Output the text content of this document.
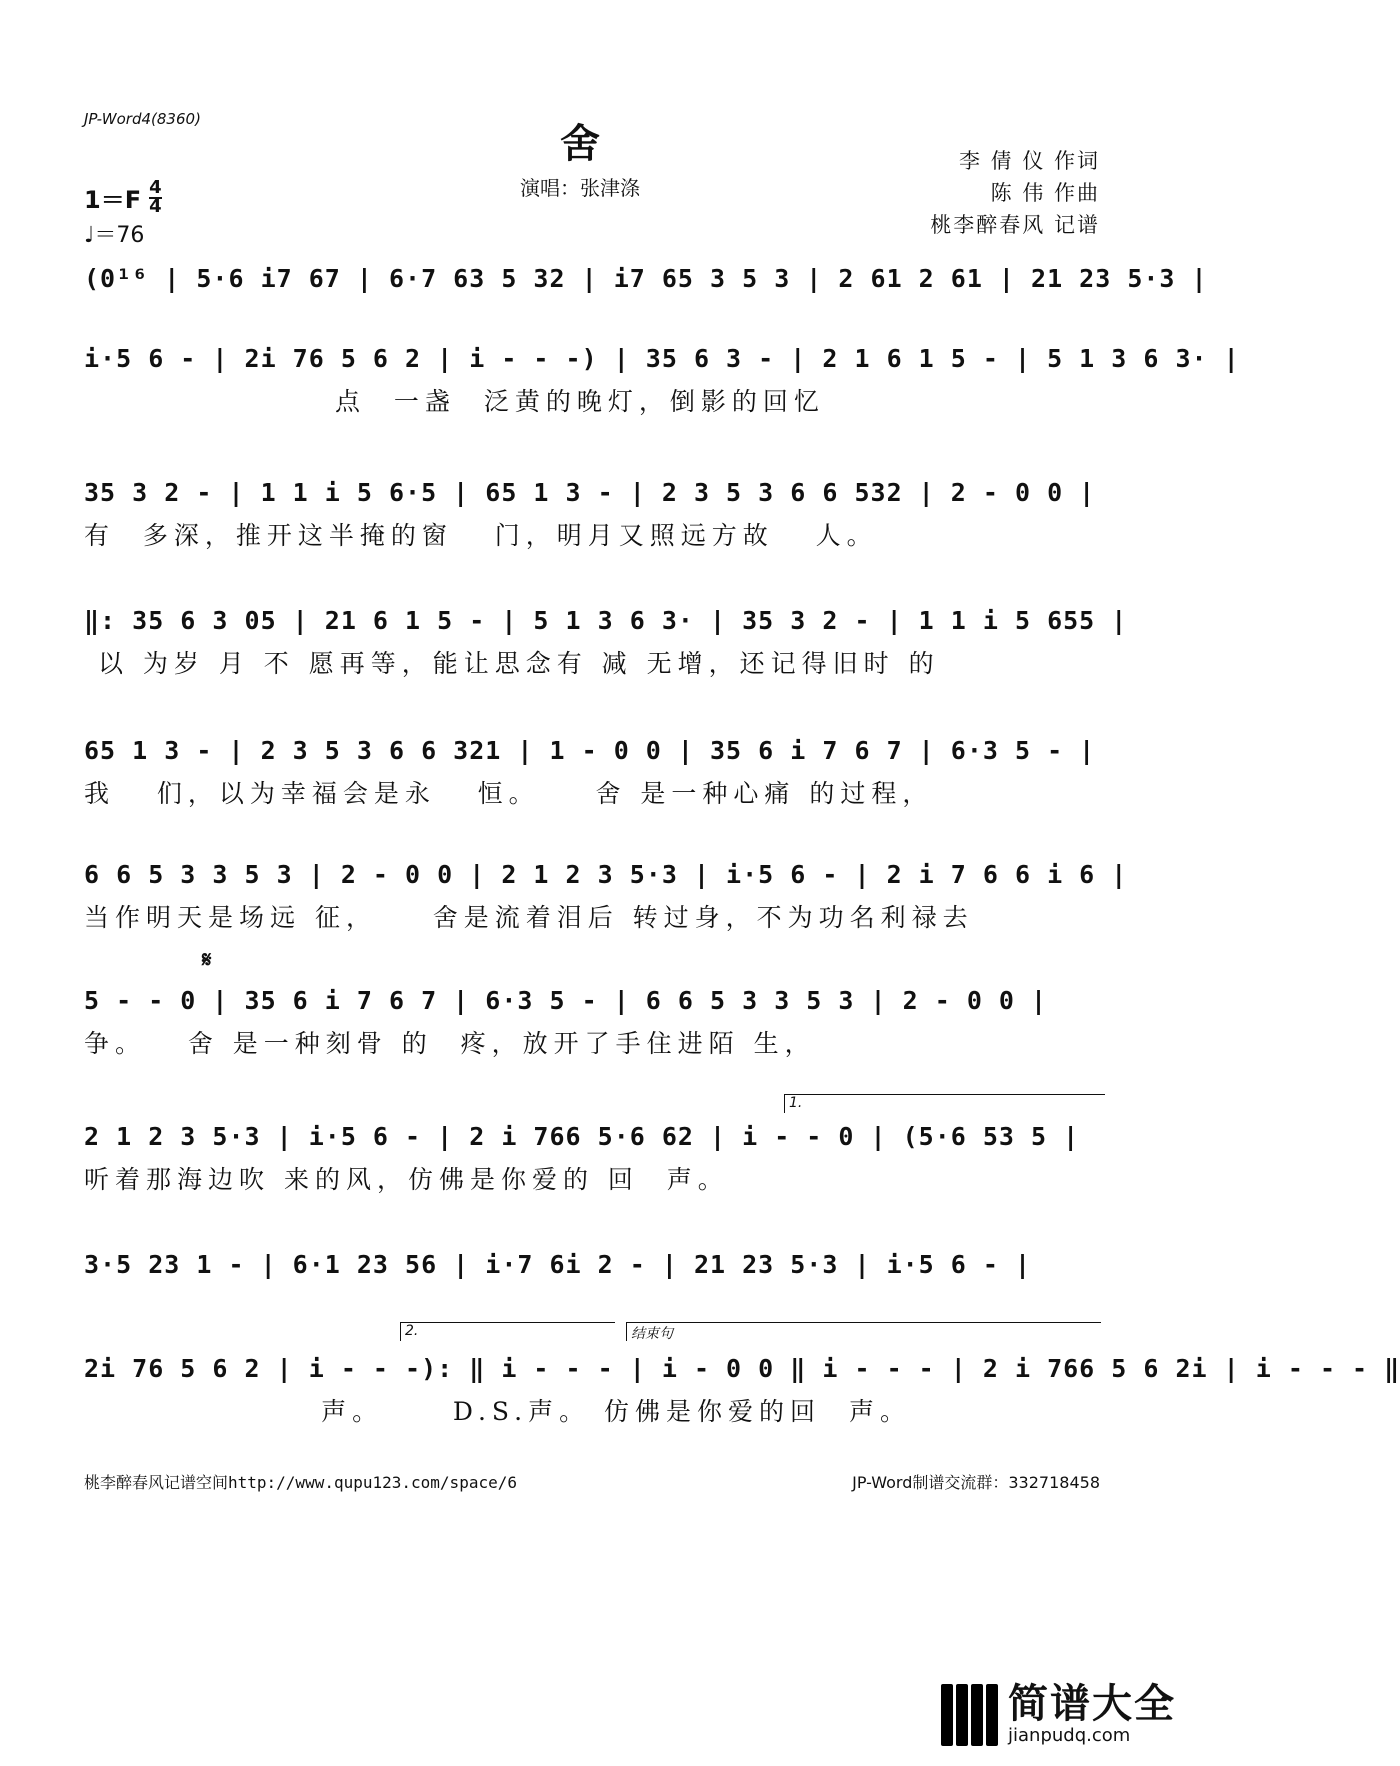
JP-Word4(8360)
舍
演唱：张津涤
李 倩 仪 作词
陈 伟 作曲
桃李醉春风 记谱
1＝F 4
4
♩＝76
(0¹⁶ | 5·6 i7 67 | 6·7 63 5 32 | i7 65 3 5 3 | 2 61 2 61 | 21 23 5·3 |
i·5 6 - | 2i 76 5 6 2 | i - - -) | 35 6 3 - | 2 1 6 1 5 - | 5 1 3 6 3· |
点  一盏  泛黄的晚灯，倒影的回忆
35 3 2 - | 1 1 i 5 6·5 | 65 1 3 - | 2 3 5 3 6 6 532 | 2 - 0 0 |
有  多深，推开这半掩的窗   门，明月又照远方故   人。
‖: 35 6 3 05 | 21 6 1 5 - | 5 1 3 6 3· | 35 3 2 - | 1 1 i 5 655 |
以 为岁 月 不 愿再等，能让思念有 减 无增，还记得旧时 的
65 1 3 - | 2 3 5 3 6 6 321 | 1 - 0 0 | 35 6 i 7 6 7 | 6·3 5 - |
我   们，以为幸福会是永   恒。    舍 是一种心痛 的过程，
6 6 5 3 3 5 3 | 2 - 0 0 | 2 1 2 3 5·3 | i·5 6 - | 2 i 7 6 6 i 6 |
当作明天是场远 征，    舍是流着泪后 转过身，不为功名利禄去
𝄋
5 - - 0 | 35 6 i 7 6 7 | 6·3 5 - | 6 6 5 3 3 5 3 | 2 - 0 0 |
争。   舍 是一种刻骨 的  疼，放开了手住进陌 生，
1.
2 1 2 3 5·3 | i·5 6 - | 2 i 766 5·6 62 | i - - 0 | (5·6 53 5 |
听着那海边吹 来的风，仿佛是你爱的 回  声。
3·5 23 1 - | 6·1 23 56 | i·7 6i 2 - | 21 23 5·3 | i·5 6 - |
2.	结束句
2i 76 5 6 2 | i - - -): ‖ i - - - | i - 0 0 ‖ i - - - | 2 i 766 5 6 2i | i - - - ‖
声。     D.S.声。 仿佛是你爱的回  声。
桃李醉春风记谱空间http://www.qupu123.com/space/6	JP-Word制谱交流群：332718458
简谱大全
jianpudq.com
